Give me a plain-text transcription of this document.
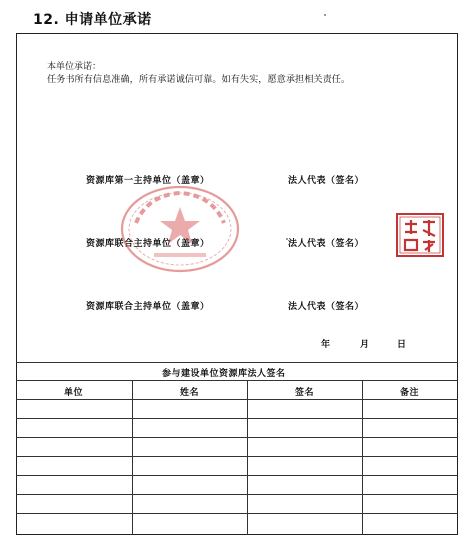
12. 申请单位承诺
本单位承诺：
任务书所有信息准确，所有承诺诚信可靠。如有失实，愿意承担相关责任。
资源库第一主持单位（盖章）	法人代表（签名）
资源库联合主持单位（盖章）	法人代表（签名）
资源库联合主持单位（盖章）	法人代表（签名）
年	月	日
参与建设单位资源库法人签名
单位	姓名	签名	备注
